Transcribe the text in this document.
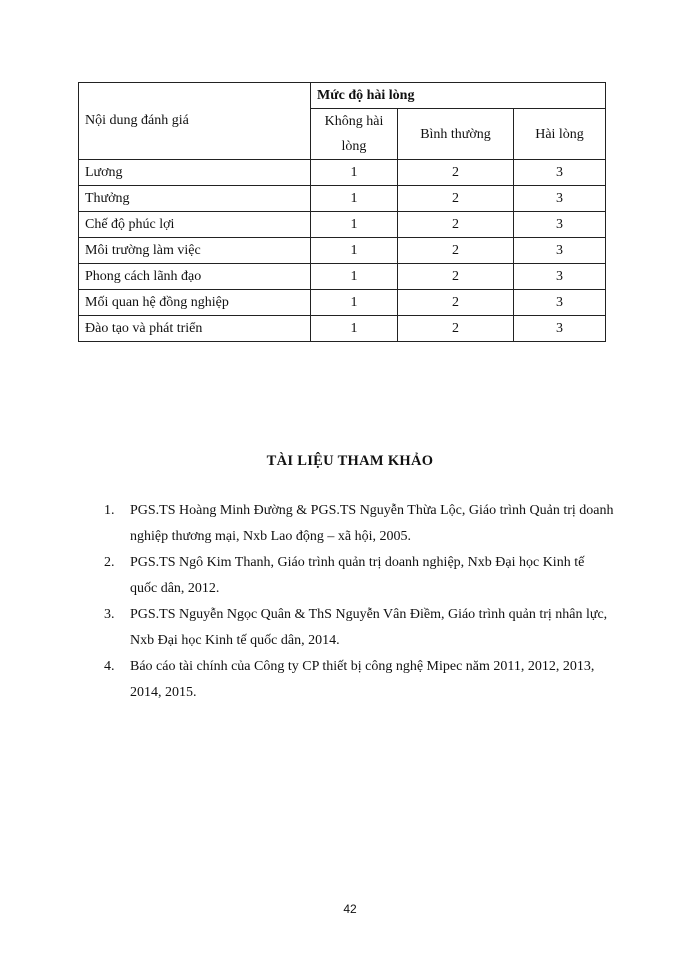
Nội dung đánh giá	Mức độ hài lòng		
	Không hài lòng	Bình thường	Hài lòng
Lương	1	2	3
Thưởng	1	2	3
Chế độ phúc lợi	1	2	3
Môi trường làm việc	1	2	3
Phong cách lãnh đạo	1	2	3
Mối quan hệ đồng nghiệp	1	2	3
Đào tạo và phát triển	1	2	3
TÀI LIỆU THAM KHẢO
1. PGS.TS Hoàng Minh Đường & PGS.TS Nguyễn Thừa Lộc, Giáo trình Quản trị doanh nghiệp thương mại, Nxb Lao động – xã hội, 2005.
2. PGS.TS Ngô Kim Thanh, Giáo trình quản trị doanh nghiệp, Nxb Đại học Kinh tế quốc dân, 2012.
3. PGS.TS Nguyễn Ngọc Quân & ThS Nguyễn Vân Điềm, Giáo trình quản trị nhân lực, Nxb Đại học Kinh tế quốc dân, 2014.
4. Báo cáo tài chính của Công ty CP thiết bị công nghệ Mipec năm 2011, 2012, 2013, 2014, 2015.
42
